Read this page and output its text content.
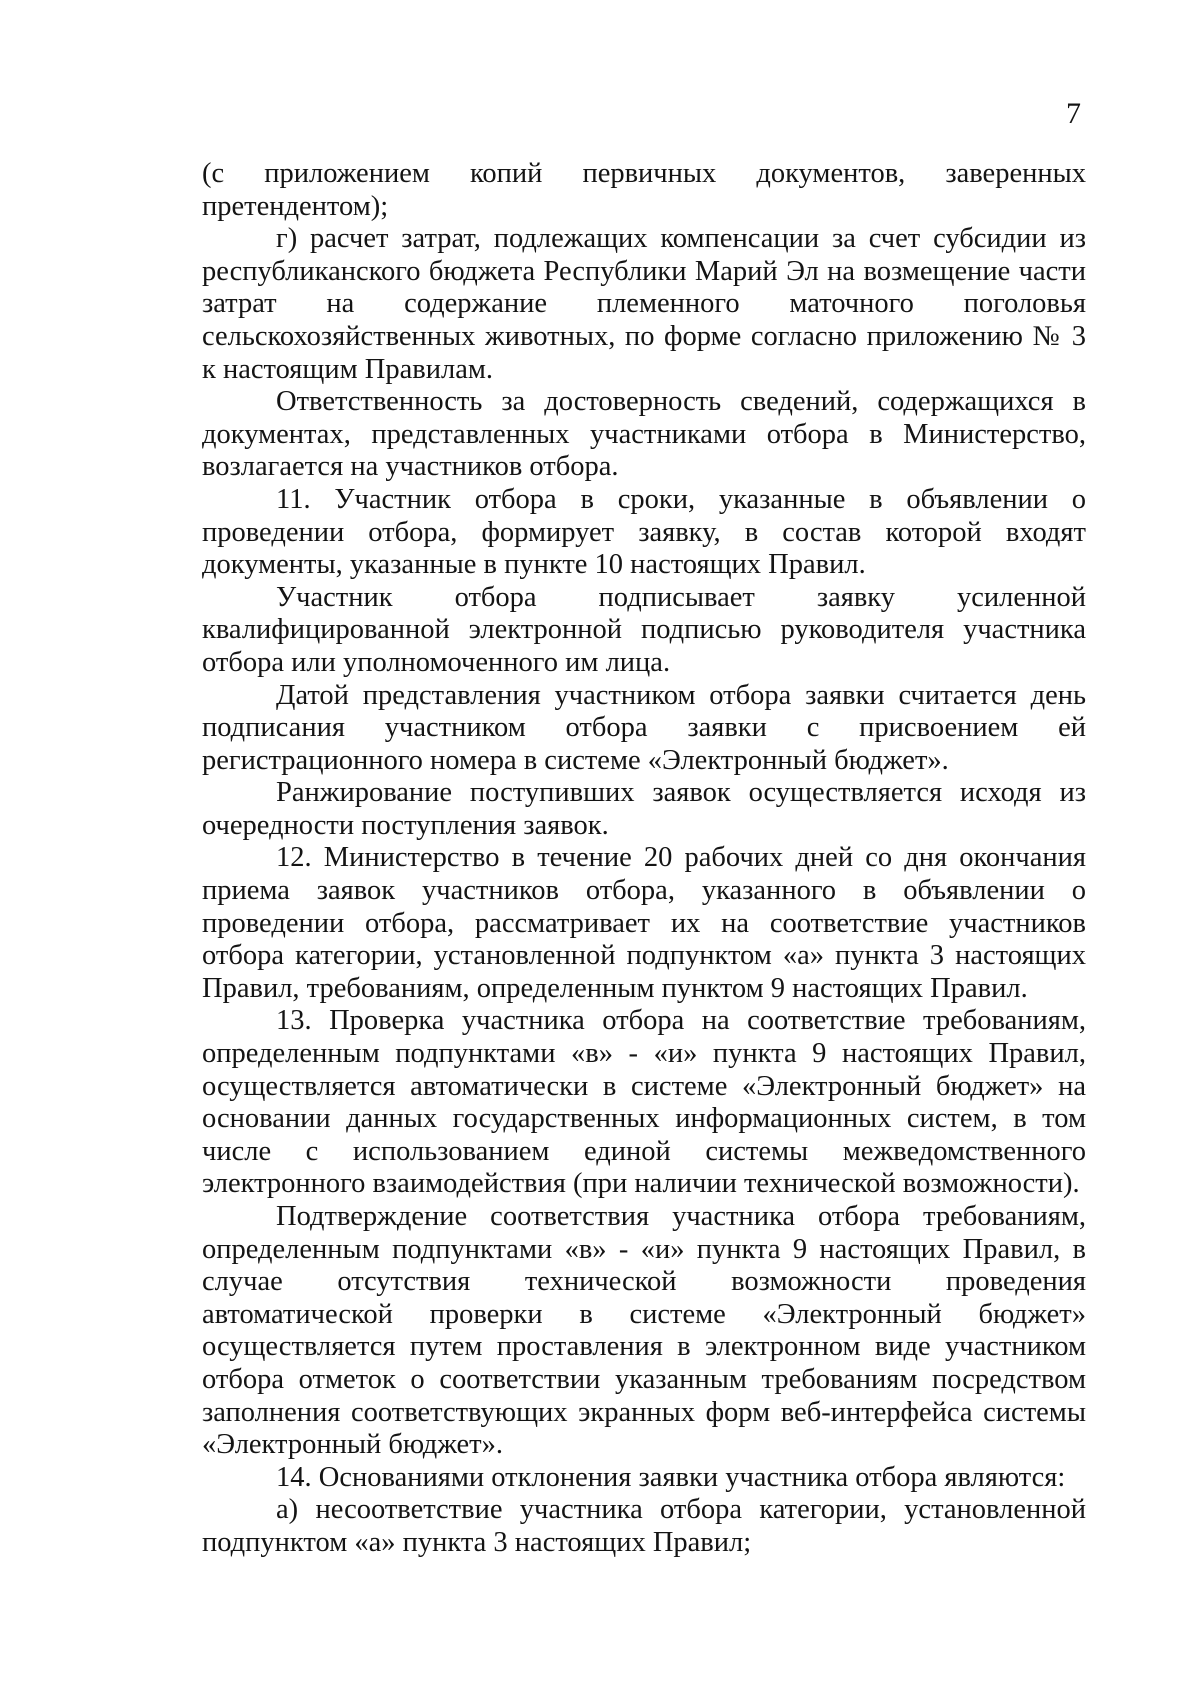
7

(с приложением копий первичных документов, заверенных претендентом);

г) расчет затрат, подлежащих компенсации за счет субсидии из республиканского бюджета Республики Марий Эл на возмещение части затрат на содержание племенного маточного поголовья сельскохозяйственных животных, по форме согласно приложению № 3 к настоящим Правилам.

Ответственность за достоверность сведений, содержащихся в документах, представленных участниками отбора в Министерство, возлагается на участников отбора.

11. Участник отбора в сроки, указанные в объявлении о проведении отбора, формирует заявку, в состав которой входят документы, указанные в пункте 10 настоящих Правил.

Участник отбора подписывает заявку усиленной квалифицированной электронной подписью руководителя участника отбора или уполномоченного им лица.

Датой представления участником отбора заявки считается день подписания участником отбора заявки с присвоением ей регистрационного номера в системе «Электронный бюджет».

Ранжирование поступивших заявок осуществляется исходя из очередности поступления заявок.

12. Министерство в течение 20 рабочих дней со дня окончания приема заявок участников отбора, указанного в объявлении о проведении отбора, рассматривает их на соответствие участников отбора категории, установленной подпунктом «а» пункта 3 настоящих Правил, требованиям, определенным пунктом 9 настоящих Правил.

13. Проверка участника отбора на соответствие требованиям, определенным подпунктами «в» - «и» пункта 9 настоящих Правил, осуществляется автоматически в системе «Электронный бюджет» на основании данных государственных информационных систем, в том числе с использованием единой системы межведомственного электронного взаимодействия (при наличии технической возможности).

Подтверждение соответствия участника отбора требованиям, определенным подпунктами «в» - «и» пункта 9 настоящих Правил, в случае отсутствия технической возможности проведения автоматической проверки в системе «Электронный бюджет» осуществляется путем проставления в электронном виде участником отбора отметок о соответствии указанным требованиям посредством заполнения соответствующих экранных форм веб-интерфейса системы «Электронный бюджет».

14. Основаниями отклонения заявки участника отбора являются:

а) несоответствие участника отбора категории, установленной подпунктом «а» пункта 3 настоящих Правил;
